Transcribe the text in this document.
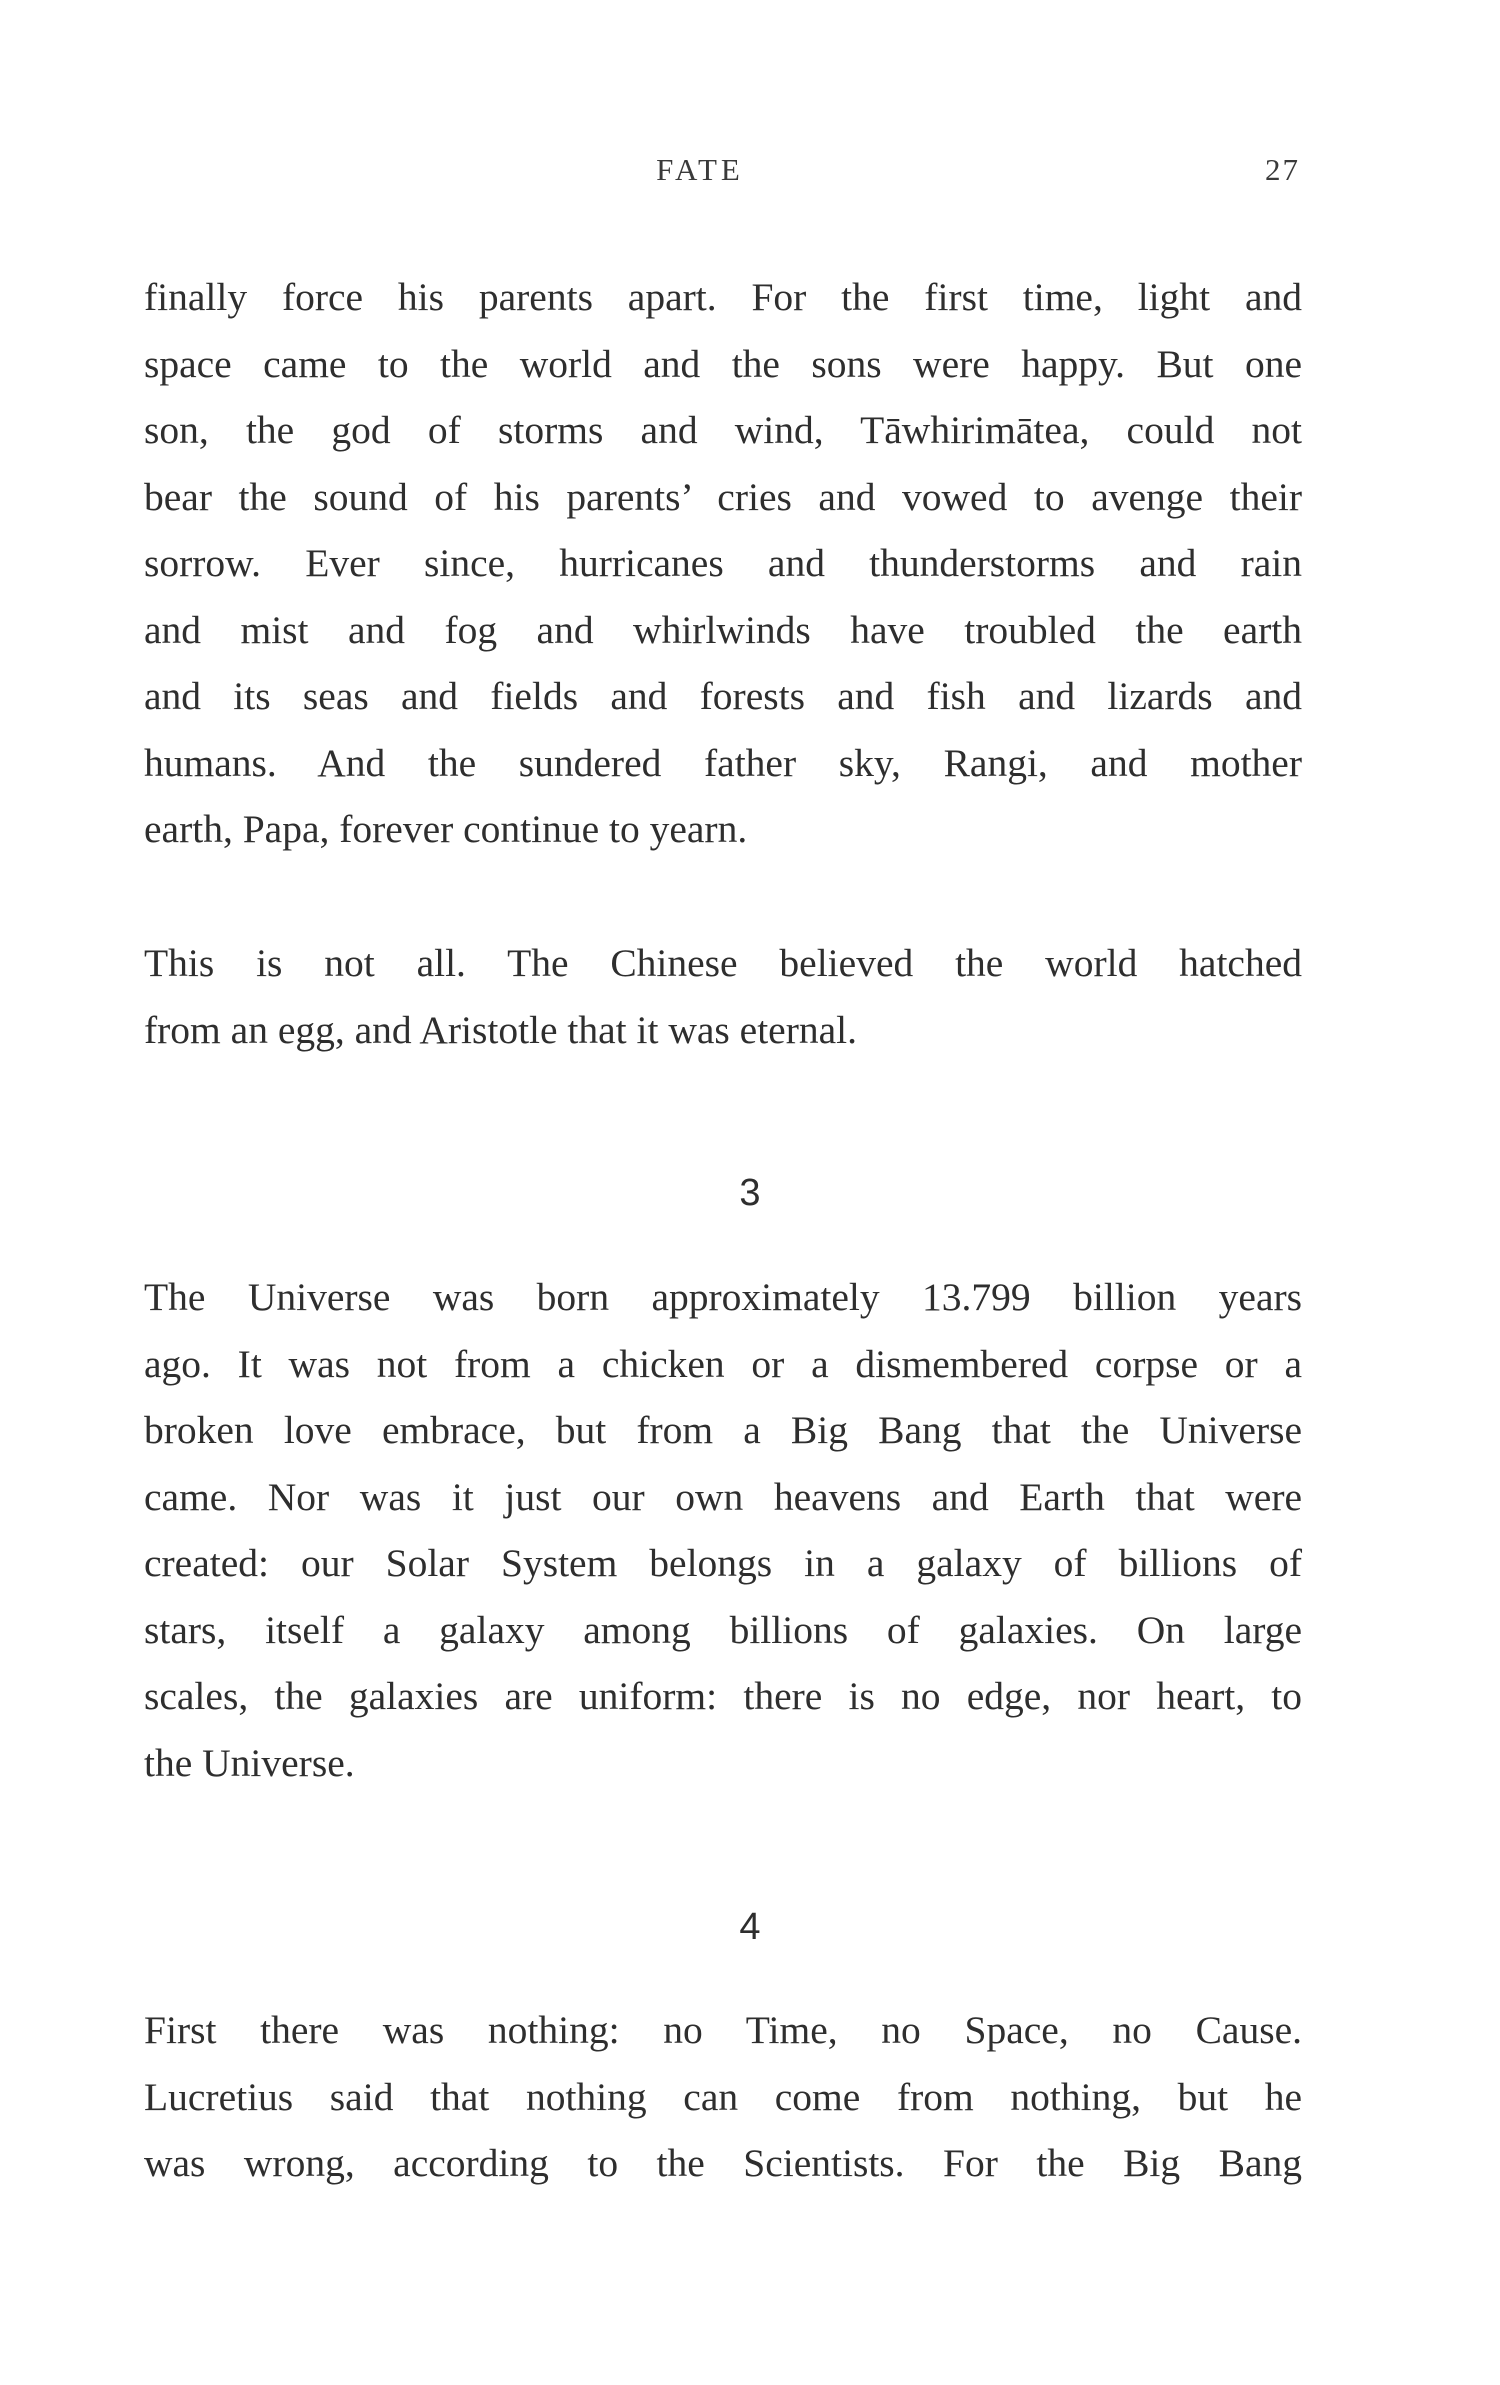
FATE	27

finally force his parents apart. For the first time, light and
space came to the world and the sons were happy. But one
son, the god of storms and wind, Tāwhirimātea, could not
bear the sound of his parents’ cries and vowed to avenge their
sorrow. Ever since, hurricanes and thunderstorms and rain
and mist and fog and whirlwinds have troubled the earth
and its seas and fields and forests and fish and lizards and
humans. And the sundered father sky, Rangi, and mother
earth, Papa, forever continue to yearn.

This is not all. The Chinese believed the world hatched
from an egg, and Aristotle that it was eternal.

3

The Universe was born approximately 13.799 billion years
ago. It was not from a chicken or a dismembered corpse or a
broken love embrace, but from a Big Bang that the Universe
came. Nor was it just our own heavens and Earth that were
created: our Solar System belongs in a galaxy of billions of
stars, itself a galaxy among billions of galaxies. On large
scales, the galaxies are uniform: there is no edge, nor heart, to
the Universe.

4

First there was nothing: no Time, no Space, no Cause.
Lucretius said that nothing can come from nothing, but he
was wrong, according to the Scientists. For the Big Bang
